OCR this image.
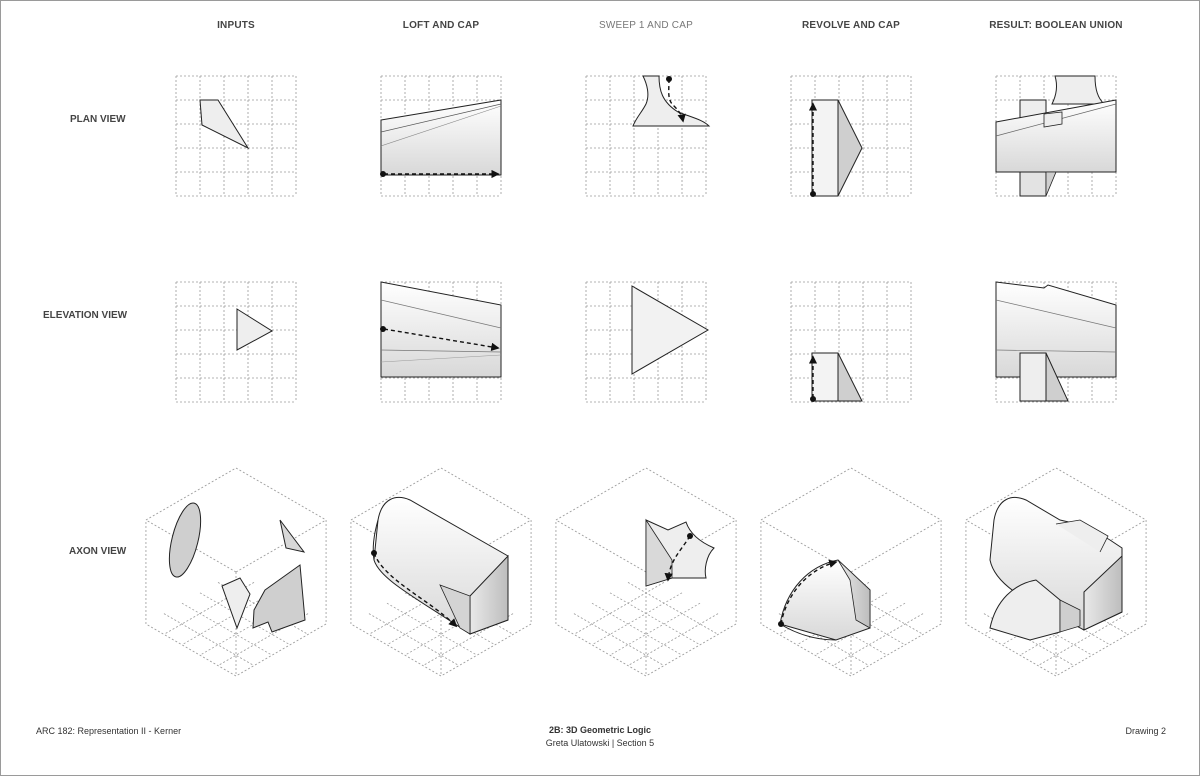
INPUTS	LOFT AND CAP	SWEEP 1 AND CAP	REVOLVE AND CAP	RESULT: BOOLEAN UNION
PLAN VIEW
ELEVATION VIEW
AXON VIEW
ARC 182: Representation II - Kerner	2B: 3D Geometric Logic
Greta Ulatowski | Section 5
Drawing 2
